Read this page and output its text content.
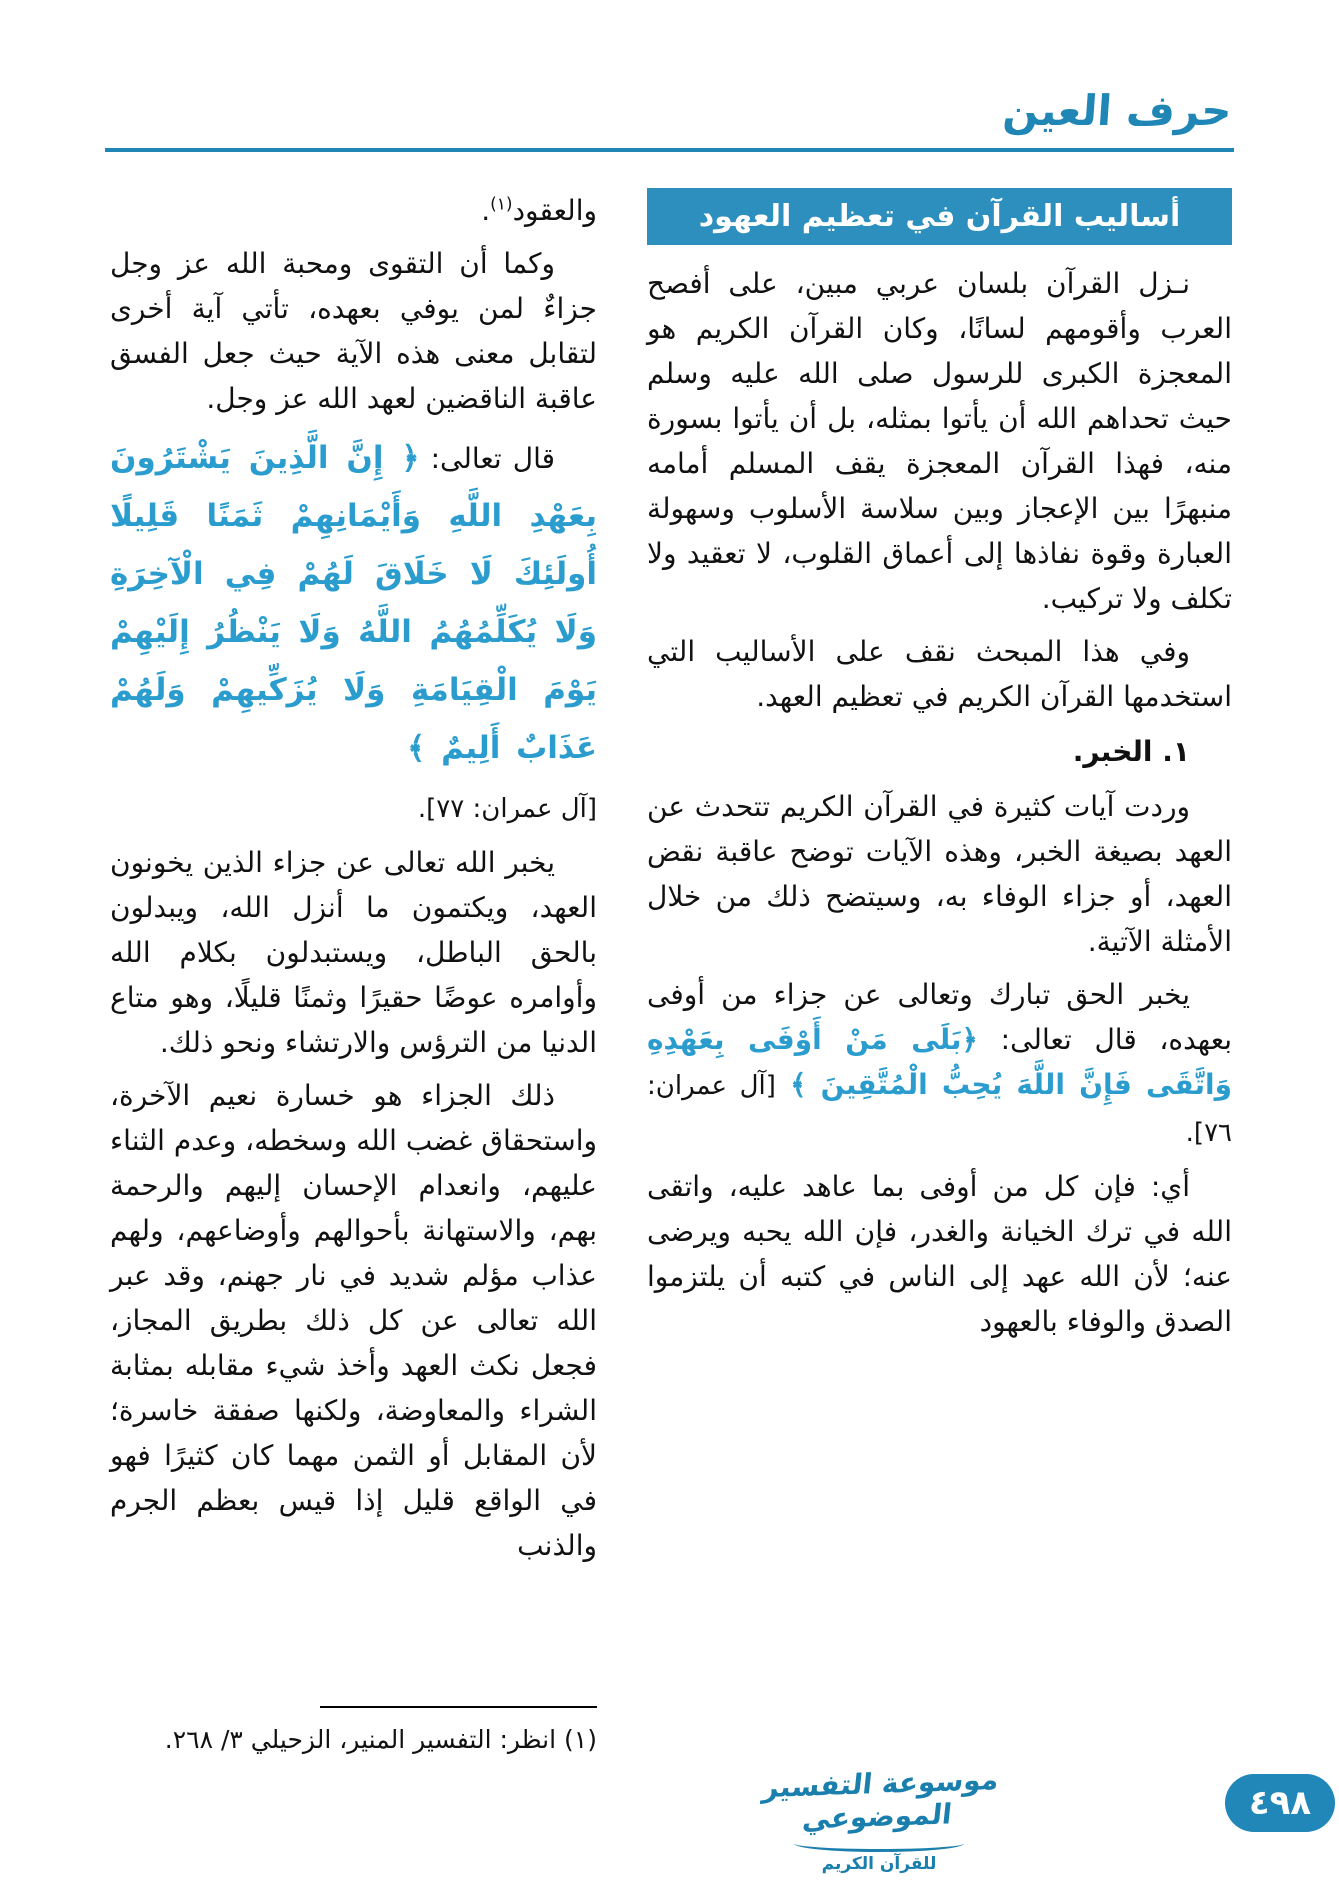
حرف العين
أساليب القرآن في تعظيم العهود

نـزل القرآن بلسان عربي مبين، على أفصح العرب وأقومهم لسانًا، وكان القرآن الكريم هو المعجزة الكبرى للرسول صلى الله عليه وسلم حيث تحداهم الله أن يأتوا بمثله، بل أن يأتوا بسورة منه، فهذا القرآن المعجزة يقف المسلم أمامه منبهرًا بين الإعجاز وبين سلاسة الأسلوب وسهولة العبارة وقوة نفاذها إلى أعماق القلوب، لا تعقيد ولا تكلف ولا تركيب.

وفي هذا المبحث نقف على الأساليب التي استخدمها القرآن الكريم في تعظيم العهد.

١. الخبر.

وردت آيات كثيرة في القرآن الكريم تتحدث عن العهد بصيغة الخبر، وهذه الآيات توضح عاقبة نقض العهد، أو جزاء الوفاء به، وسيتضح ذلك من خلال الأمثلة الآتية.

يخبر الحق تبارك وتعالى عن جزاء من أوفى بعهده، قال تعالى: ﴿بَلَى مَنْ أَوْفَى بِعَهْدِهِ وَاتَّقَى فَإِنَّ اللَّهَ يُحِبُّ الْمُتَّقِينَ ﴾ [آل عمران: ٧٦].

أي: فإن كل من أوفى بما عاهد عليه، واتقى الله في ترك الخيانة والغدر، فإن الله يحبه ويرضى عنه؛ لأن الله عهد إلى الناس في كتبه أن يلتزموا الصدق والوفاء بالعهود

والعقود$^{(١)}$.

وكما أن التقوى ومحبة الله عز وجل جزاءٌ لمن يوفي بعهده، تأتي آية أخرى لتقابل معنى هذه الآية حيث جعل الفسق عاقبة الناقضين لعهد الله عز وجل.

قال تعالى: ﴿ إِنَّ الَّذِينَ يَشْتَرُونَ بِعَهْدِ اللَّهِ وَأَيْمَانِهِمْ ثَمَنًا قَلِيلًا أُولَئِكَ لَا خَلَاقَ لَهُمْ فِي الْآخِرَةِ وَلَا يُكَلِّمُهُمُ اللَّهُ وَلَا يَنْظُرُ إِلَيْهِمْ يَوْمَ الْقِيَامَةِ وَلَا يُزَكِّيهِمْ وَلَهُمْ عَذَابٌ أَلِيمٌ ﴾

[آل عمران: ٧٧].

يخبر الله تعالى عن جزاء الذين يخونون العهد، ويكتمون ما أنزل الله، ويبدلون بالحق الباطل، ويستبدلون بكلام الله وأوامره عوضًا حقيرًا وثمنًا قليلًا، وهو متاع الدنيا من الترؤس والارتشاء ونحو ذلك.

ذلك الجزاء هو خسارة نعيم الآخرة، واستحقاق غضب الله وسخطه، وعدم الثناء عليهم، وانعدام الإحسان إليهم والرحمة بهم، والاستهانة بأحوالهم وأوضاعهم، ولهم عذاب مؤلم شديد في نار جهنم، وقد عبر الله تعالى عن كل ذلك بطريق المجاز، فجعل نكث العهد وأخذ شيء مقابله بمثابة الشراء والمعاوضة، ولكنها صفقة خاسرة؛ لأن المقابل أو الثمن مهما كان كثيرًا فهو في الواقع قليل إذا قيس بعظم الجرم والذنب

(١) انظر: التفسير المنير، الزحيلي ٣/ ٢٦٨.

موسوعة التفسير الموضوعي
للقرآن الكريم
٤٩٨
